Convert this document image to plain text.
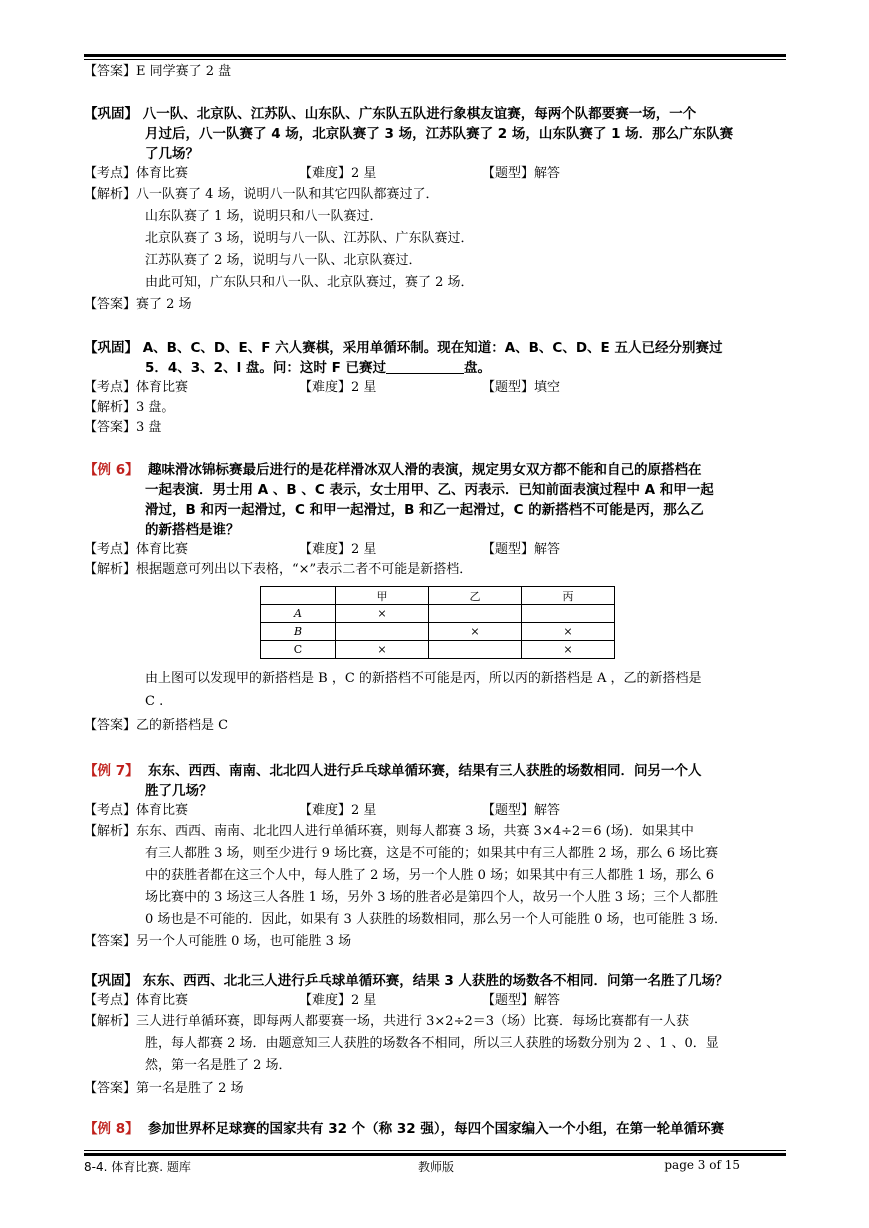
【答案】E 同学赛了 2 盘
【巩固】 八一队、北京队、江苏队、山东队、广东队五队进行象棋友谊赛，每两个队都要赛一场，一个
月过后，八一队赛了 4 场，北京队赛了 3 场，江苏队赛了 2 场，山东队赛了 1 场．那么广东队赛
了几场？
【考点】体育比赛	【难度】2 星	【题型】解答
【解析】八一队赛了 4 场，说明八一队和其它四队都赛过了．
山东队赛了 1 场，说明只和八一队赛过．
北京队赛了 3 场，说明与八一队、江苏队、广东队赛过．
江苏队赛了 2 场，说明与八一队、北京队赛过．
由此可知，广东队只和八一队、北京队赛过，赛了 2 场．
【答案】赛了 2 场
【巩固】 A、B、C、D、E、F 六人赛棋，采用单循环制。现在知道：A、B、C、D、E 五人已经分别赛过
5．4、3、2、l 盘。问：这时 F 已赛过	盘。
【考点】体育比赛	【难度】2 星	【题型】填空
【解析】3 盘。
【答案】3 盘
【例 6】 趣味滑冰锦标赛最后进行的是花样滑冰双人滑的表演，规定男女双方都不能和自己的原搭档在
一起表演．男士用 A 、B 、C 表示，女士用甲、乙、丙表示．已知前面表演过程中 A 和甲一起
滑过，B 和丙一起滑过，C 和甲一起滑过，B 和乙一起滑过，C 的新搭档不可能是丙，那么乙
的新搭档是谁？
【考点】体育比赛	【难度】2 星	【题型】解答
【解析】根据题意可列出以下表格，“×”表示二者不可能是新搭档．
	甲	乙	丙
A	×		
B		×	×
C	×		×
由上图可以发现甲的新搭档是 B ，C 的新搭档不可能是丙，所以丙的新搭档是 A ，乙的新搭档是
C .
【答案】乙的新搭档是 C
【例 7】 东东、西西、南南、北北四人进行乒乓球单循环赛，结果有三人获胜的场数相同．问另一个人
胜了几场？
【考点】体育比赛	【难度】2 星	【题型】解答
【解析】东东、西西、南南、北北四人进行单循环赛，则每人都赛 3 场，共赛 3×4÷2＝6 (场)．如果其中
有三人都胜 3 场，则至少进行 9 场比赛，这是不可能的；如果其中有三人都胜 2 场，那么 6 场比赛
中的获胜者都在这三个人中，每人胜了 2 场，另一个人胜 0 场；如果其中有三人都胜 1 场，那么 6
场比赛中的 3 场这三人各胜 1 场，另外 3 场的胜者必是第四个人，故另一个人胜 3 场；三个人都胜
0 场也是不可能的．因此，如果有 3 人获胜的场数相同，那么另一个人可能胜 0 场，也可能胜 3 场．
【答案】另一个人可能胜 0 场，也可能胜 3 场
【巩固】 东东、西西、北北三人进行乒乓球单循环赛，结果 3 人获胜的场数各不相同．问第一名胜了几场？
【考点】体育比赛	【难度】2 星	【题型】解答
【解析】三人进行单循环赛，即每两人都要赛一场，共进行 3×2÷2＝3（场）比赛．每场比赛都有一人获
胜，每人都赛 2 场．由题意知三人获胜的场数各不相同，所以三人获胜的场数分别为 2 、1 、0．显
然，第一名是胜了 2 场．
【答案】第一名是胜了 2 场
【例 8】 参加世界杯足球赛的国家共有 32 个（称 32 强），每四个国家编入一个小组，在第一轮单循环赛
8-4. 体育比赛. 题库	教师版	page 3 of 15
